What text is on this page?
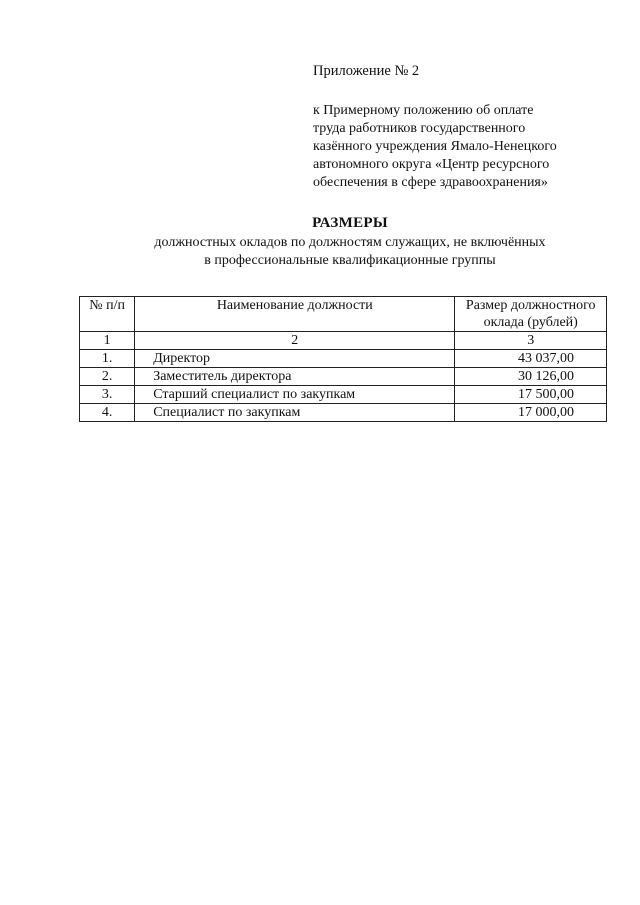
Приложение № 2
к Примерному положению об оплате
труда работников государственного
казённого учреждения Ямало-Ненецкого
автономного округа «Центр ресурсного
обеспечения в сфере здравоохранения»
РАЗМЕРЫ
должностных окладов по должностям служащих, не включённых
в профессиональные квалификационные группы
№ п/п	Наименование должности	Размер должностного
оклада (рублей)

1	2	3
1.	Директор	43 037,00
2.	Заместитель директора	30 126,00
3.	Старший специалист по закупкам	17 500,00
4.	Специалист по закупкам	17 000,00
